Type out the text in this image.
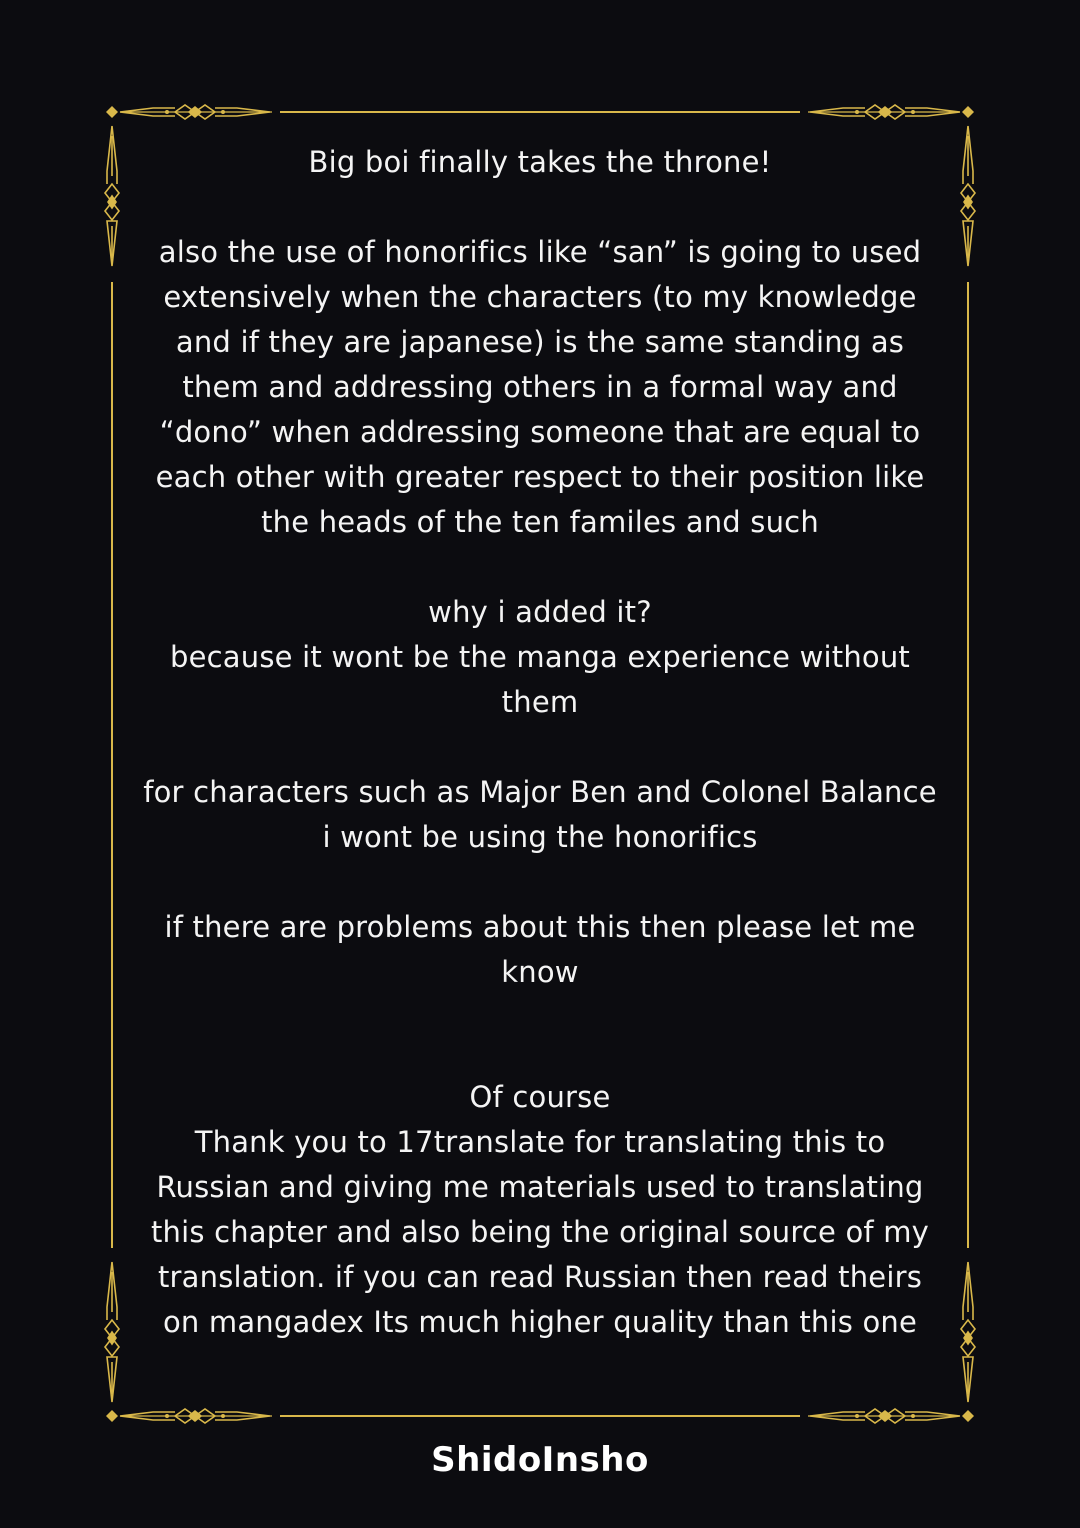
Big boi finally takes the throne!

also the use of honorifics like “san” is going to used
extensively when the characters (to my knowledge
and if they are japanese) is the same standing as
them and addressing others in a formal way and
“dono” when addressing someone that are equal to
each other with greater respect to their position like
the heads of the ten familes and such

why i added it?
because it wont be the manga experience without
them

for characters such as Major Ben and Colonel Balance
i wont be using the honorifics

if there are problems about this then please let me
know

Of course
Thank you to 17translate for translating this to
Russian and giving me materials used to translating
this chapter and also being the original source of my
translation. if you can read Russian then read theirs
on mangadex Its much higher quality than this one

ShidoInsho
